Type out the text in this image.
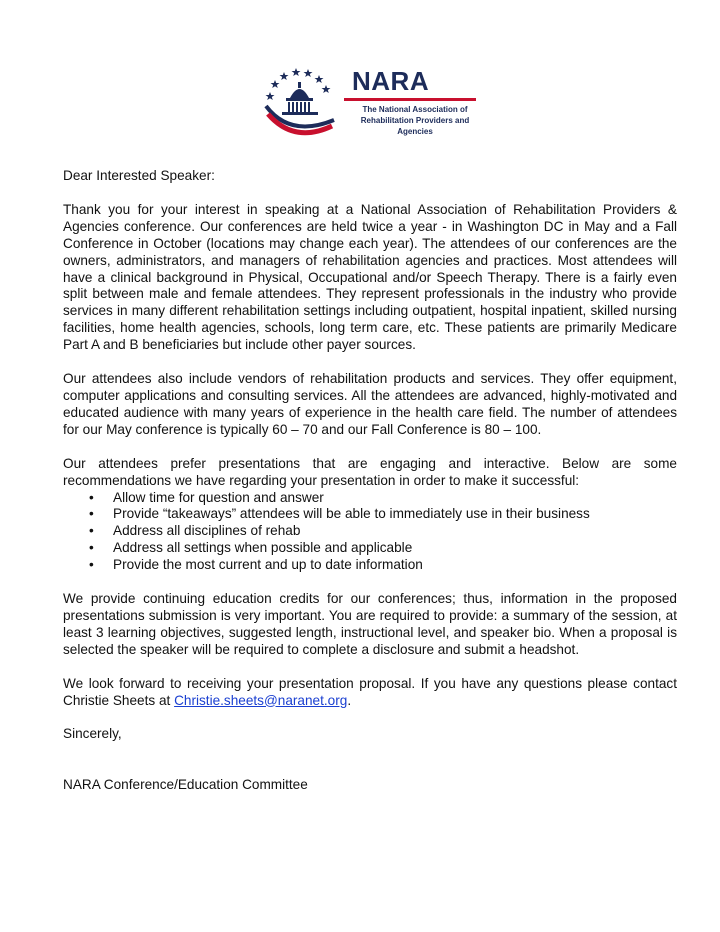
NARA
The National Association of
Rehabilitation Providers and Agencies

Dear Interested Speaker:

Thank you for your interest in speaking at a National Association of Rehabilitation Providers & Agencies conference. Our conferences are held twice a year - in Washington DC in May and a Fall Conference in October (locations may change each year). The attendees of our conferences are the owners, administrators, and managers of rehabilitation agencies and practices. Most attendees will have a clinical background in Physical, Occupational and/or Speech Therapy. There is a fairly even split between male and female attendees. They represent professionals in the industry who provide services in many different rehabilitation settings including outpatient, hospital inpatient, skilled nursing facilities, home health agencies, schools, long term care, etc. These patients are primarily Medicare Part A and B beneficiaries but include other payer sources.

Our attendees also include vendors of rehabilitation products and services. They offer equipment, computer applications and consulting services. All the attendees are advanced, highly-motivated and educated audience with many years of experience in the health care field. The number of attendees for our May conference is typically 60 – 70 and our Fall Conference is 80 – 100.

Our attendees prefer presentations that are engaging and interactive. Below are some recommendations we have regarding your presentation in order to make it successful:

• Allow time for question and answer
• Provide “takeaways” attendees will be able to immediately use in their business
• Address all disciplines of rehab
• Address all settings when possible and applicable
• Provide the most current and up to date information

We provide continuing education credits for our conferences; thus, information in the proposed presentations submission is very important. You are required to provide: a summary of the session, at least 3 learning objectives, suggested length, instructional level, and speaker bio. When a proposal is selected the speaker will be required to complete a disclosure and submit a headshot.

We look forward to receiving your presentation proposal. If you have any questions please contact Christie Sheets at Christie.sheets@naranet.org.

Sincerely,

NARA Conference/Education Committee
